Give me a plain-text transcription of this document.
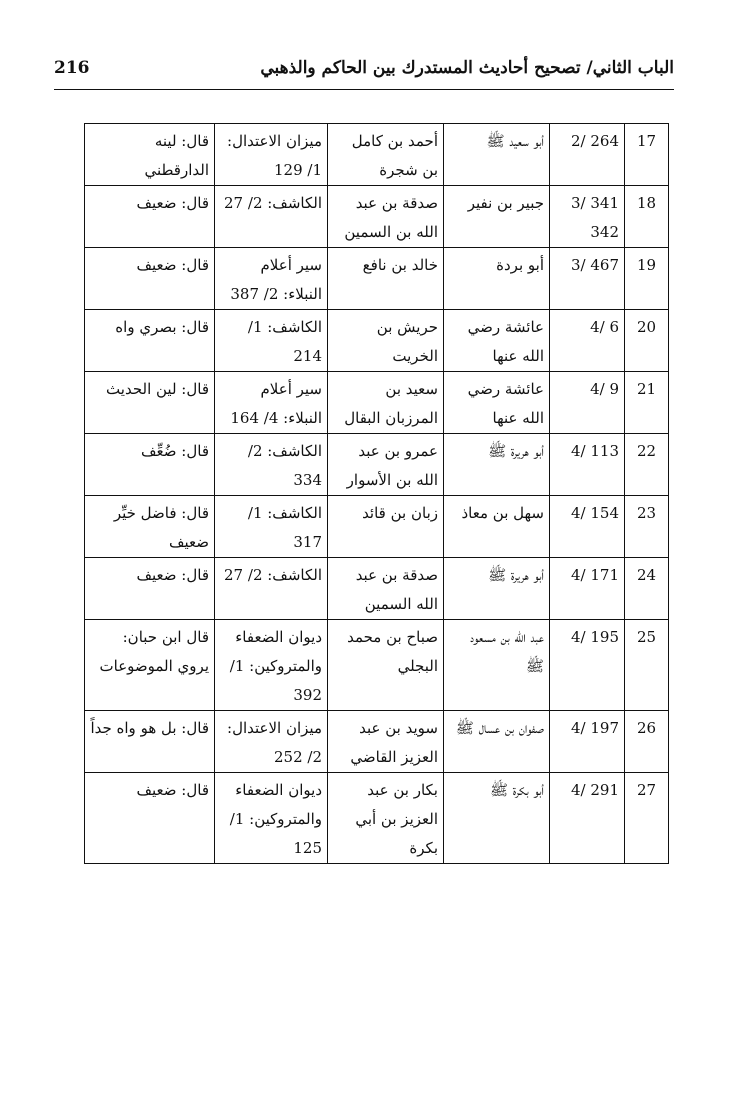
الباب الثاني/ تصحيح أحاديث المستدرك بين الحاكم والذهبي
216
17	2/ 264	أبو سعيد ﷺ	أحمد بن كامل بن شجرة	ميزان الاعتدال: 1/ 129	قال: لينه الدارقطني
18	3/ 341 342	جبير بن نفير	صدقة بن عبد الله بن السمين	الكاشف: 2/ 27	قال: ضعيف
19	3/ 467	أبو بردة	خالد بن نافع	سير أعلام النبلاء: 2/ 387	قال: ضعيف
20	4/ 6	عائشة رضي الله عنها	حريش بن الخريت	الكاشف: 1/ 214	قال: بصري واه
21	4/ 9	عائشة رضي الله عنها	سعيد بن المرزبان البقال	سير أعلام النبلاء: 4/ 164	قال: لين الحديث
22	4/ 113	أبو هريرة ﷺ	عمرو بن عبد الله بن الأسوار	الكاشف: 2/ 334	قال: ضُعِّف
23	4/ 154	سهل بن معاذ	زبان بن قائد	الكاشف: 1/ 317	قال: فاضل خيِّر ضعيف
24	4/ 171	أبو هريرة ﷺ	صدقة بن عبد الله السمين	الكاشف: 2/ 27	قال: ضعيف
25	4/ 195	عبد الله بن مسعود ﷺ	صباح بن محمد البجلي	ديوان الضعفاء والمتروكين: 1/ 392	قال ابن حبان: يروي الموضوعات
26	4/ 197	صفوان بن عسال ﷺ	سويد بن عبد العزيز القاضي	ميزان الاعتدال: 2/ 252	قال: بل هو واه جداً
27	4/ 291	أبو بكرة ﷺ	بكار بن عبد العزيز بن أبي بكرة	ديوان الضعفاء والمتروكين: 1/ 125	قال: ضعيف
